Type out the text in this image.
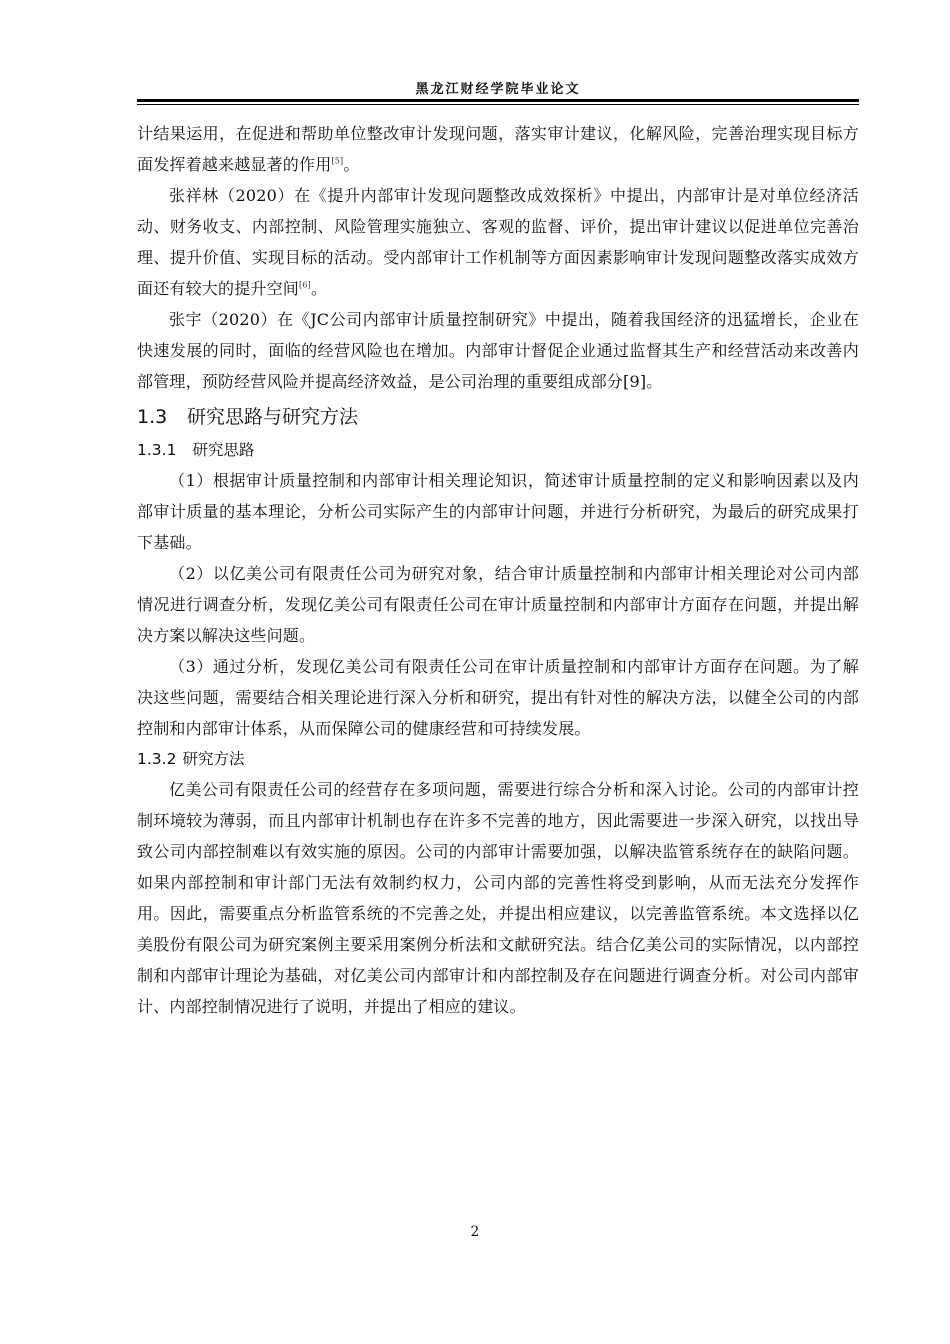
黑龙江财经学院毕业论文

计结果运用，在促进和帮助单位整改审计发现问题，落实审计建议，化解风险，完善治理实现目标方面发挥着越来越显著的作用[5]。

张祥林（2020）在《提升内部审计发现问题整改成效探析》中提出，内部审计是对单位经济活动、财务收支、内部控制、风险管理实施独立、客观的监督、评价，提出审计建议以促进单位完善治理、提升价值、实现目标的活动。受内部审计工作机制等方面因素影响审计发现问题整改落实成效方面还有较大的提升空间[6]。

张宇（2020）在《JC公司内部审计质量控制研究》中提出，随着我国经济的迅猛增长，企业在快速发展的同时，面临的经营风险也在增加。内部审计督促企业通过监督其生产和经营活动来改善内部管理，预防经营风险并提高经济效益，是公司治理的重要组成部分[9]。

1.3 研究思路与研究方法
1.3.1 研究思路

（1）根据审计质量控制和内部审计相关理论知识，简述审计质量控制的定义和影响因素以及内部审计质量的基本理论，分析公司实际产生的内部审计问题，并进行分析研究，为最后的研究成果打下基础。

（2）以亿美公司有限责任公司为研究对象，结合审计质量控制和内部审计相关理论对公司内部情况进行调查分析，发现亿美公司有限责任公司在审计质量控制和内部审计方面存在问题，并提出解决方案以解决这些问题。

（3）通过分析，发现亿美公司有限责任公司在审计质量控制和内部审计方面存在问题。为了解决这些问题，需要结合相关理论进行深入分析和研究，提出有针对性的解决方法，以健全公司的内部控制和内部审计体系，从而保障公司的健康经营和可持续发展。

1.3.2 研究方法

亿美公司有限责任公司的经营存在多项问题，需要进行综合分析和深入讨论。公司的内部审计控制环境较为薄弱，而且内部审计机制也存在许多不完善的地方，因此需要进一步深入研究，以找出导致公司内部控制难以有效实施的原因。公司的内部审计需要加强，以解决监管系统存在的缺陷问题。如果内部控制和审计部门无法有效制约权力，公司内部的完善性将受到影响，从而无法充分发挥作用。因此，需要重点分析监管系统的不完善之处，并提出相应建议，以完善监管系统。本文选择以亿美股份有限公司为研究案例主要采用案例分析法和文献研究法。结合亿美公司的实际情况，以内部控制和内部审计理论为基础，对亿美公司内部审计和内部控制及存在问题进行调查分析。对公司内部审计、内部控制情况进行了说明，并提出了相应的建议。

2
